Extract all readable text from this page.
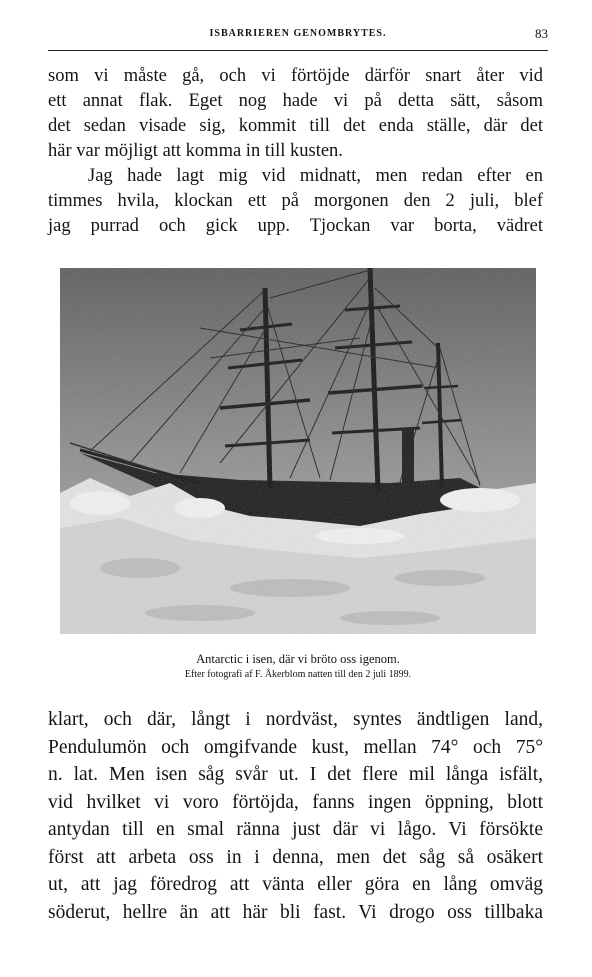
ISBARRIEREN GENOMBRYTES.	83
som vi måste gå, och vi förtöjde därför snart åter vid
ett annat flak. Eget nog hade vi på detta sätt, såsom
det sedan visade sig, kommit till det enda ställe, där det
här var möjligt att komma in till kusten.
Jag hade lagt mig vid midnatt, men redan efter en
timmes hvila, klockan ett på morgonen den 2 juli, blef
jag purrad och gick upp. Tjockan var borta, vädret
Antarctic i isen, där vi bröto oss igenom.
Efter fotografi af F. Åkerblom natten till den 2 juli 1899.
klart, och där, långt i nordväst, syntes ändtligen land,
Pendulumön och omgifvande kust, mellan 74° och 75°
n. lat. Men isen såg svår ut. I det flere mil långa isfält,
vid hvilket vi voro förtöjda, fanns ingen öppning, blott
antydan till en smal ränna just där vi lågo. Vi försökte
först att arbeta oss in i denna, men det såg så osäkert
ut, att jag föredrog att vänta eller göra en lång omväg
söderut, hellre än att här bli fast. Vi drogo oss tillbaka
